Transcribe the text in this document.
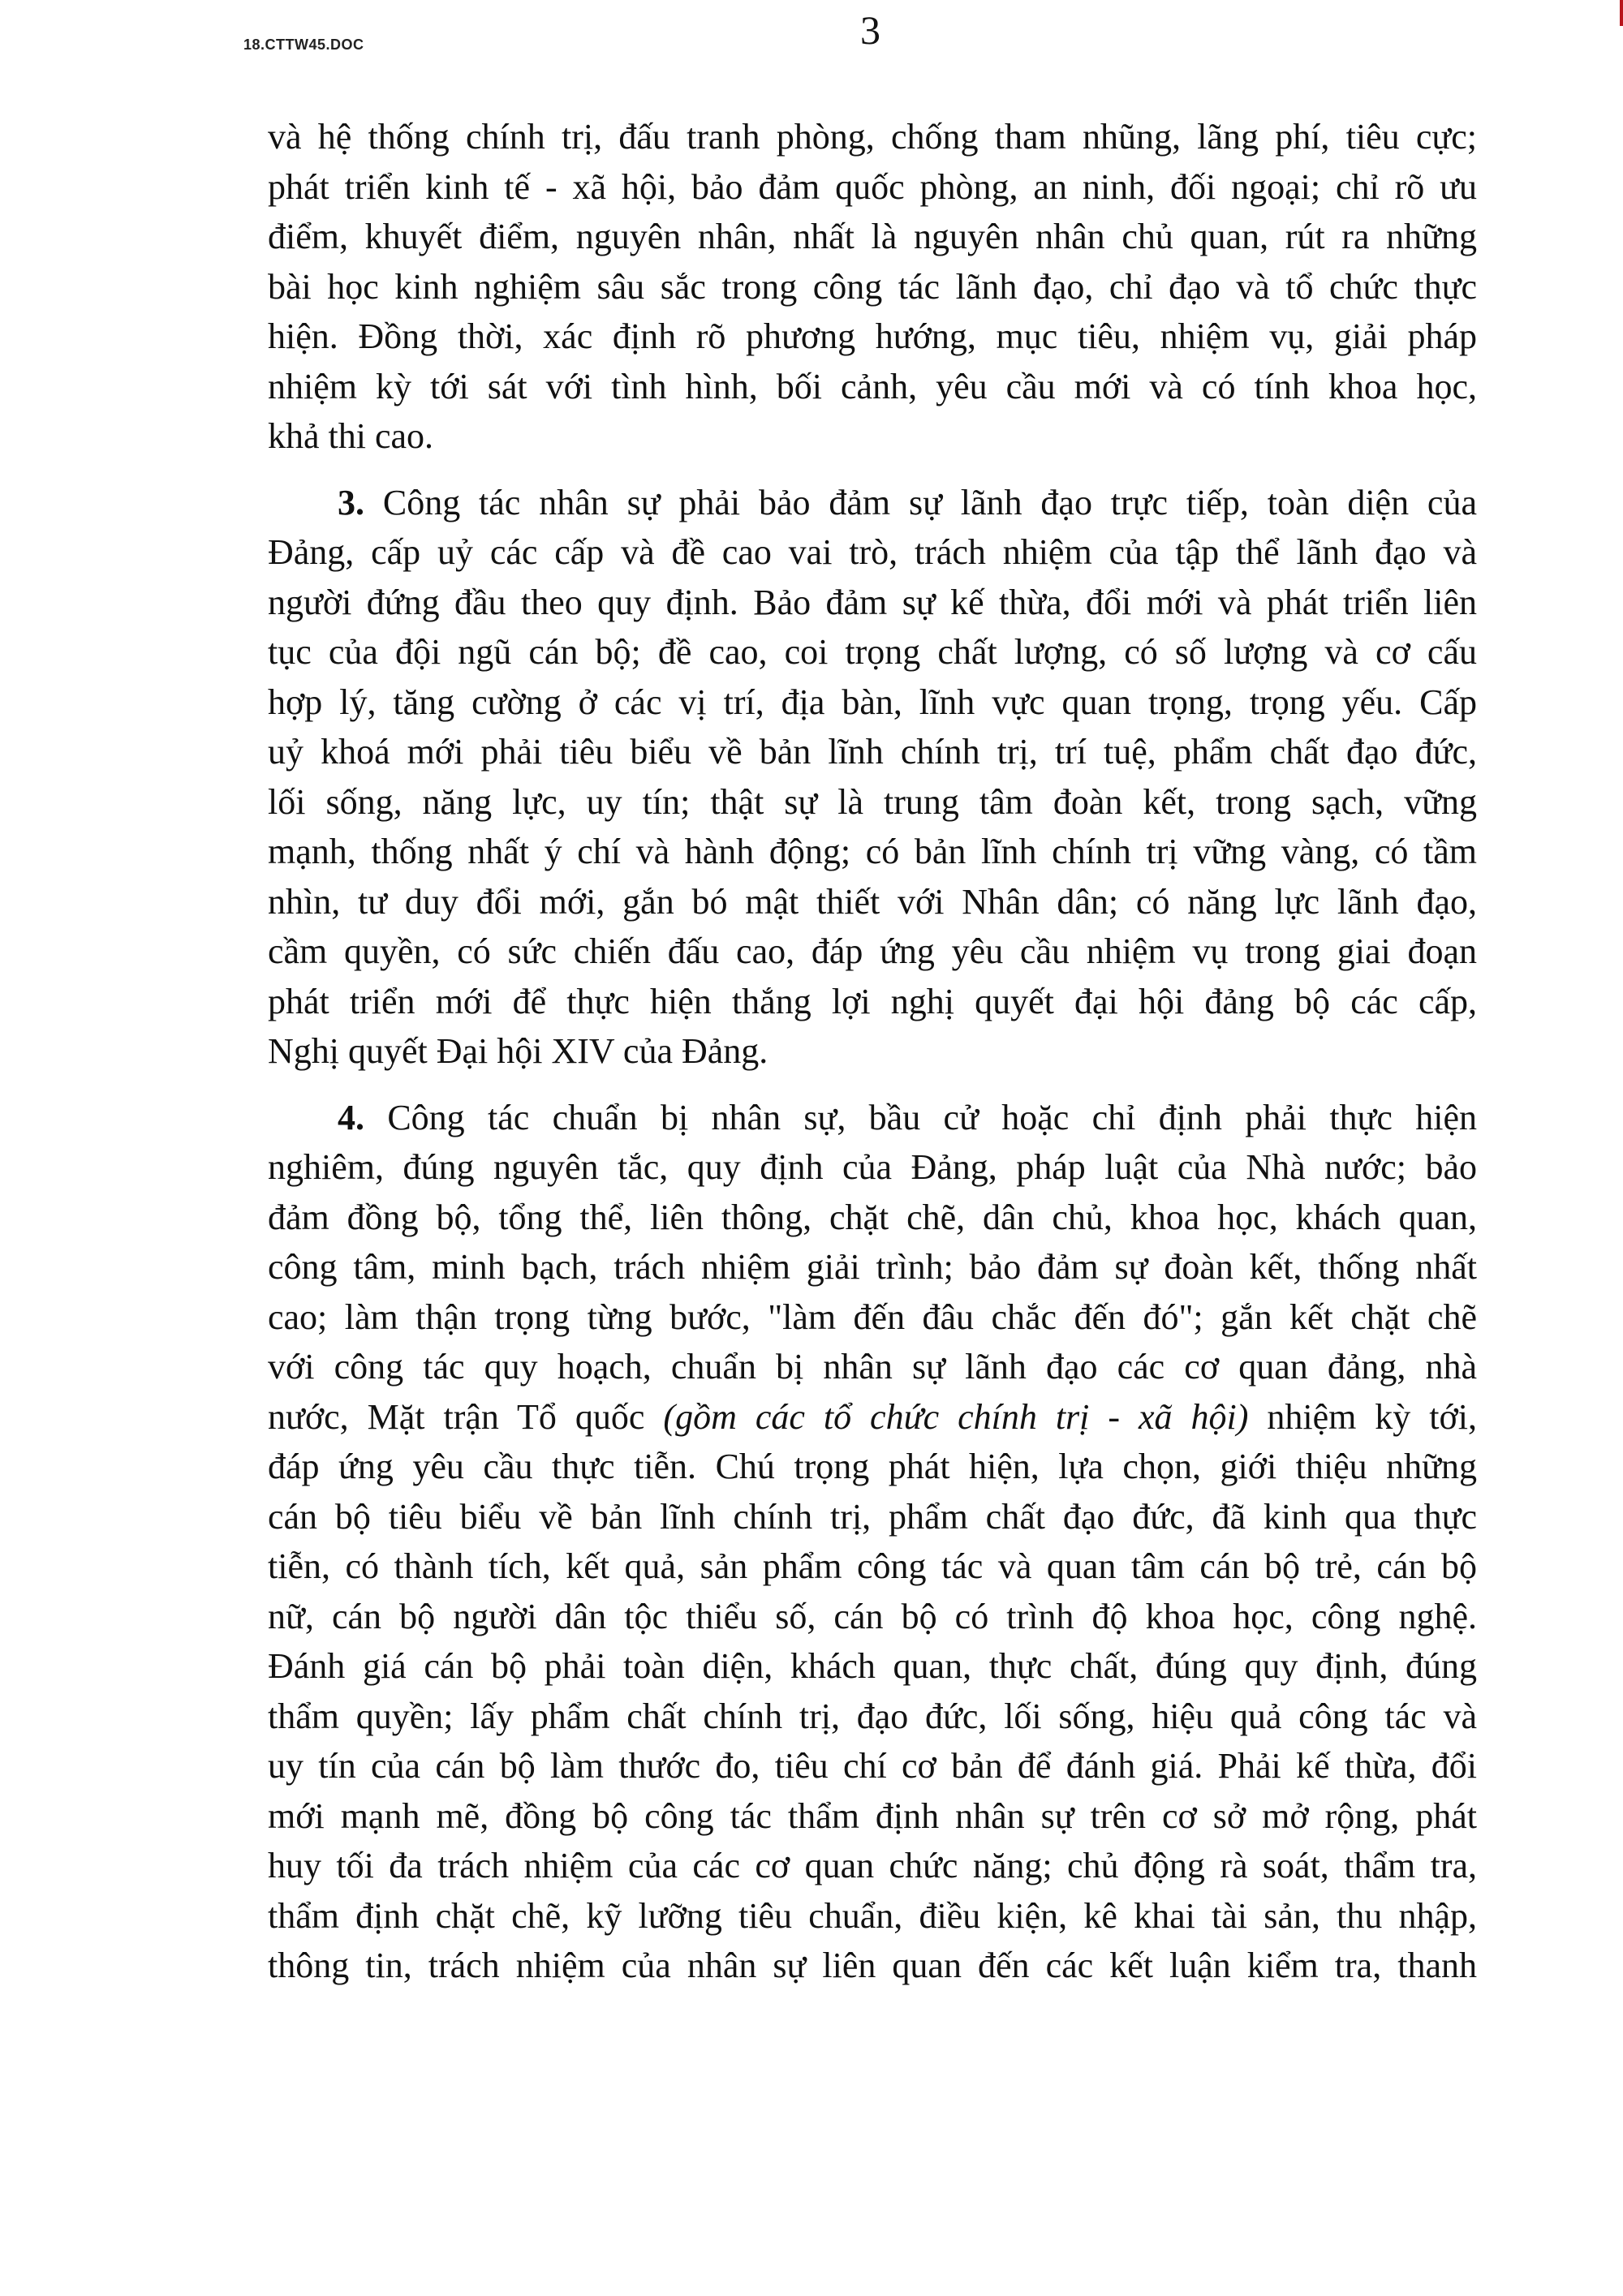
18.CTTW45.DOC	3
và hệ thống chính trị, đấu tranh phòng, chống tham nhũng, lãng phí, tiêu cực;
phát triển kinh tế - xã hội, bảo đảm quốc phòng, an ninh, đối ngoại; chỉ rõ ưu
điểm, khuyết điểm, nguyên nhân, nhất là nguyên nhân chủ quan, rút ra những
bài học kinh nghiệm sâu sắc trong công tác lãnh đạo, chỉ đạo và tổ chức thực
hiện. Đồng thời, xác định rõ phương hướng, mục tiêu, nhiệm vụ, giải pháp
nhiệm kỳ tới sát với tình hình, bối cảnh, yêu cầu mới và có tính khoa học,
khả thi cao.
3. Công tác nhân sự phải bảo đảm sự lãnh đạo trực tiếp, toàn diện của
Đảng, cấp uỷ các cấp và đề cao vai trò, trách nhiệm của tập thể lãnh đạo và
người đứng đầu theo quy định. Bảo đảm sự kế thừa, đổi mới và phát triển liên
tục của đội ngũ cán bộ; đề cao, coi trọng chất lượng, có số lượng và cơ cấu
hợp lý, tăng cường ở các vị trí, địa bàn, lĩnh vực quan trọng, trọng yếu. Cấp
uỷ khoá mới phải tiêu biểu về bản lĩnh chính trị, trí tuệ, phẩm chất đạo đức,
lối sống, năng lực, uy tín; thật sự là trung tâm đoàn kết, trong sạch, vững
mạnh, thống nhất ý chí và hành động; có bản lĩnh chính trị vững vàng, có tầm
nhìn, tư duy đổi mới, gắn bó mật thiết với Nhân dân; có năng lực lãnh đạo,
cầm quyền, có sức chiến đấu cao, đáp ứng yêu cầu nhiệm vụ trong giai đoạn
phát triển mới để thực hiện thắng lợi nghị quyết đại hội đảng bộ các cấp,
Nghị quyết Đại hội XIV của Đảng.
4. Công tác chuẩn bị nhân sự, bầu cử hoặc chỉ định phải thực hiện
nghiêm, đúng nguyên tắc, quy định của Đảng, pháp luật của Nhà nước; bảo
đảm đồng bộ, tổng thể, liên thông, chặt chẽ, dân chủ, khoa học, khách quan,
công tâm, minh bạch, trách nhiệm giải trình; bảo đảm sự đoàn kết, thống nhất
cao; làm thận trọng từng bước, "làm đến đâu chắc đến đó"; gắn kết chặt chẽ
với công tác quy hoạch, chuẩn bị nhân sự lãnh đạo các cơ quan đảng, nhà
nước, Mặt trận Tổ quốc (gồm các tổ chức chính trị - xã hội) nhiệm kỳ tới,
đáp ứng yêu cầu thực tiễn. Chú trọng phát hiện, lựa chọn, giới thiệu những
cán bộ tiêu biểu về bản lĩnh chính trị, phẩm chất đạo đức, đã kinh qua thực
tiễn, có thành tích, kết quả, sản phẩm công tác và quan tâm cán bộ trẻ, cán bộ
nữ, cán bộ người dân tộc thiểu số, cán bộ có trình độ khoa học, công nghệ.
Đánh giá cán bộ phải toàn diện, khách quan, thực chất, đúng quy định, đúng
thẩm quyền; lấy phẩm chất chính trị, đạo đức, lối sống, hiệu quả công tác và
uy tín của cán bộ làm thước đo, tiêu chí cơ bản để đánh giá. Phải kế thừa, đổi
mới mạnh mẽ, đồng bộ công tác thẩm định nhân sự trên cơ sở mở rộng, phát
huy tối đa trách nhiệm của các cơ quan chức năng; chủ động rà soát, thẩm tra,
thẩm định chặt chẽ, kỹ lưỡng tiêu chuẩn, điều kiện, kê khai tài sản, thu nhập,
thông tin, trách nhiệm của nhân sự liên quan đến các kết luận kiểm tra, thanh
